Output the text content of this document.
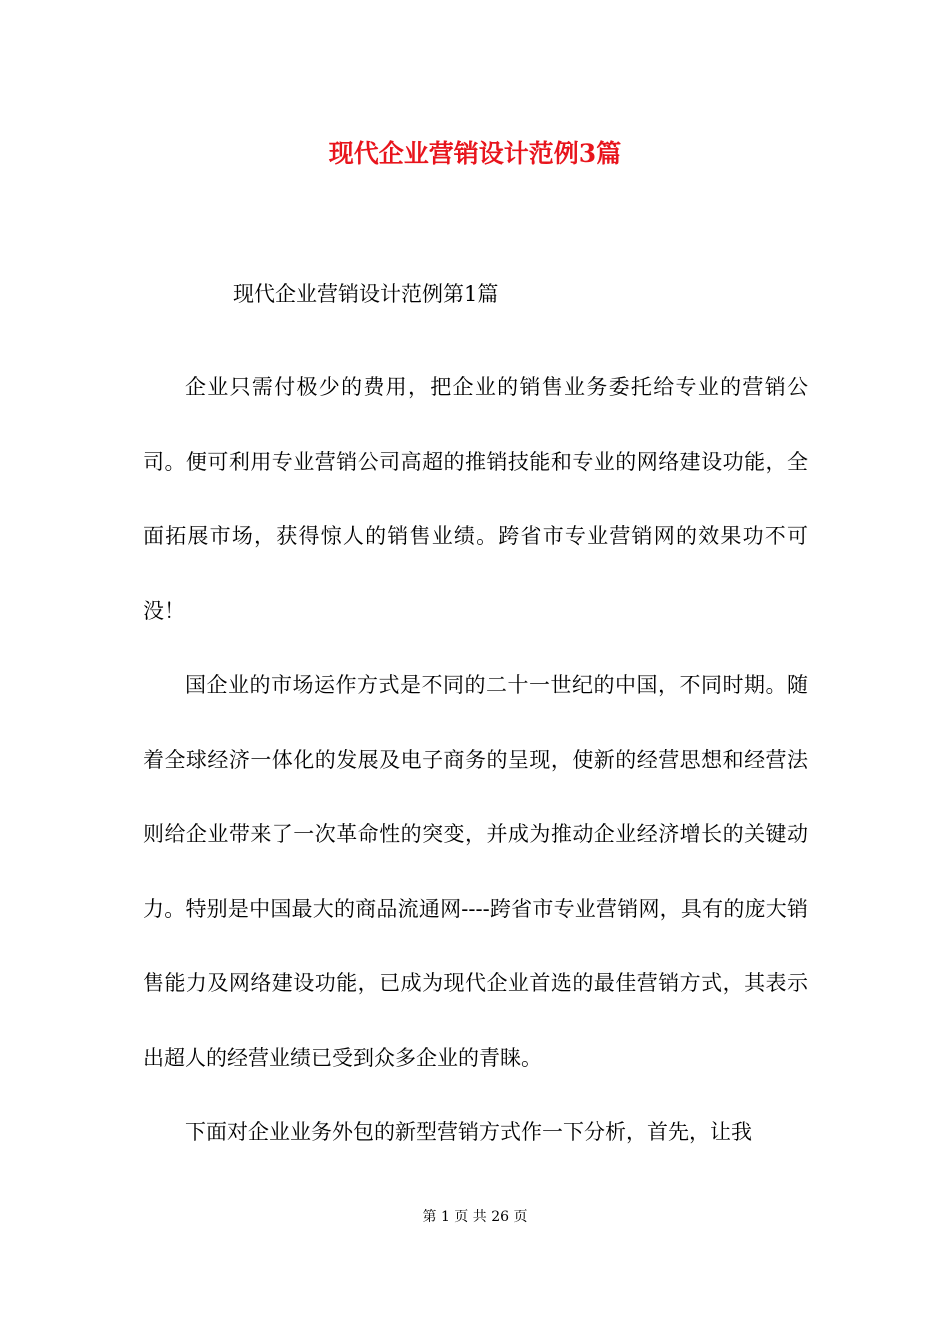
现代企业营销设计范例3篇

现代企业营销设计范例第1篇

企业只需付极少的费用，把企业的销售业务委托给专业的营销公司。便可利用专业营销公司高超的推销技能和专业的网络建设功能，全面拓展市场，获得惊人的销售业绩。跨省市专业营销网的效果功不可没！

国企业的市场运作方式是不同的二十一世纪的中国，不同时期。随着全球经济一体化的发展及电子商务的呈现，使新的经营思想和经营法则给企业带来了一次革命性的突变，并成为推动企业经济增长的关键动力。特别是中国最大的商品流通网----跨省市专业营销网，具有的庞大销售能力及网络建设功能，已成为现代企业首选的最佳营销方式，其表示出超人的经营业绩已受到众多企业的青睐。

下面对企业业务外包的新型营销方式作一下分析，首先，让我

第 1 页 共 26 页
